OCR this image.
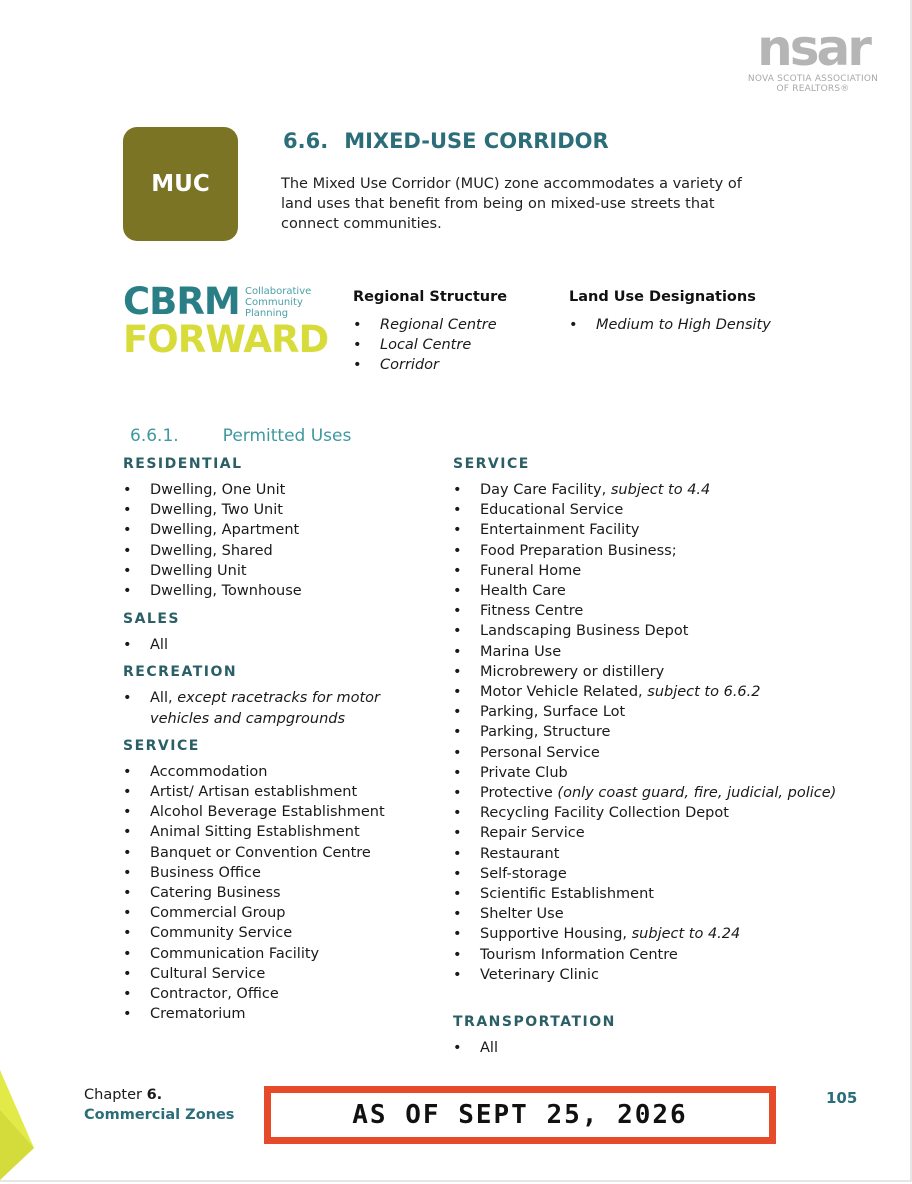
nsar
NOVA SCOTIA ASSOCIATION
OF REALTORS®
MUC
6.6. MIXED-USE CORRIDOR
The Mixed Use Corridor (MUC) zone accommodates a variety of land uses that benefit from being on mixed-use streets that connect communities.
CBRM
FORWARD
Collaborative
Community
Planning
Regional Structure
• Regional Centre
• Local Centre
• Corridor
Land Use Designations
• Medium to High Density
6.6.1.	Permitted Uses
RESIDENTIAL
• Dwelling, One Unit
• Dwelling, Two Unit
• Dwelling, Apartment
• Dwelling, Shared
• Dwelling Unit
• Dwelling, Townhouse
SALES
• All
RECREATION
• All, except racetracks for motor vehicles and campgrounds
SERVICE
• Accommodation
• Artist/ Artisan establishment
• Alcohol Beverage Establishment
• Animal Sitting Establishment
• Banquet or Convention Centre
• Business Office
• Catering Business
• Commercial Group
• Community Service
• Communication Facility
• Cultural Service
• Contractor, Office
• Crematorium
SERVICE
• Day Care Facility, subject to 4.4
• Educational Service
• Entertainment Facility
• Food Preparation Business;
• Funeral Home
• Health Care
• Fitness Centre
• Landscaping Business Depot
• Marina Use
• Microbrewery or distillery
• Motor Vehicle Related, subject to 6.6.2
• Parking, Surface Lot
• Parking, Structure
• Personal Service
• Private Club
• Protective (only coast guard, fire, judicial, police)
• Recycling Facility Collection Depot
• Repair Service
• Restaurant
• Self-storage
• Scientific Establishment
• Shelter Use
• Supportive Housing, subject to 4.24
• Tourism Information Centre
• Veterinary Clinic
TRANSPORTATION
• All
Chapter 6.
Commercial Zones	AS OF SEPT 25, 2026
105
